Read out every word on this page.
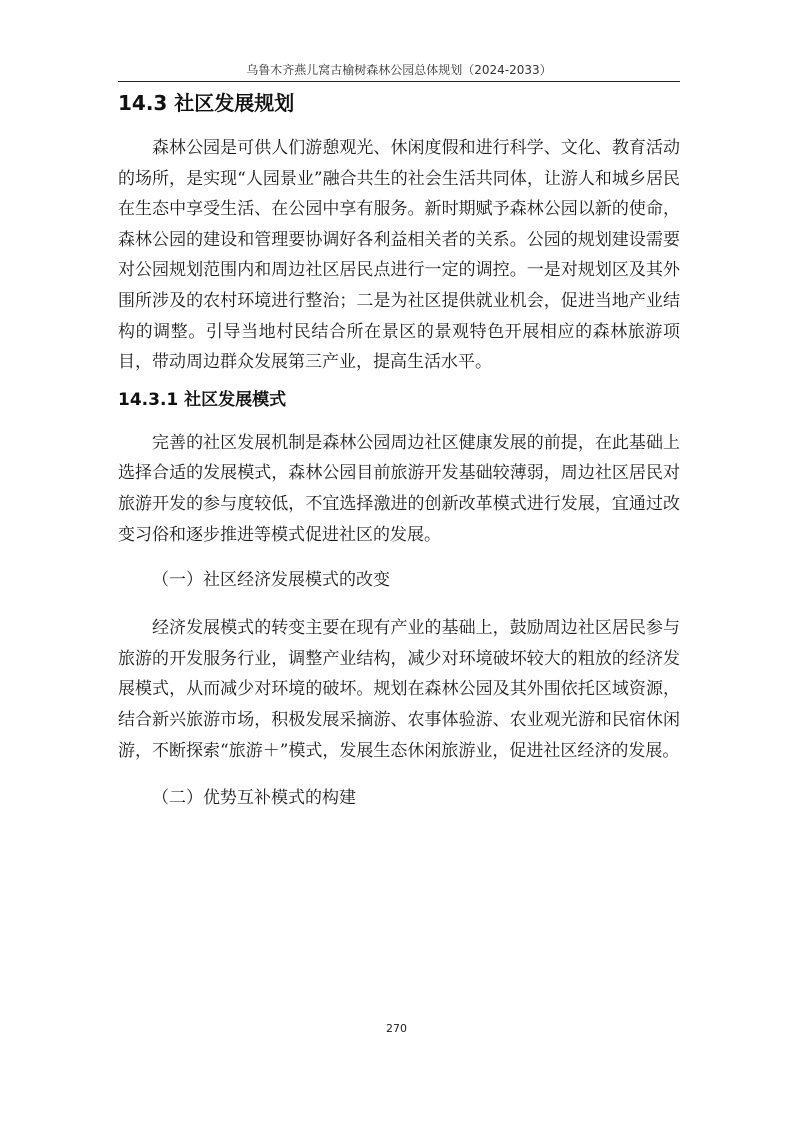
乌鲁木齐燕儿窝古榆树森林公园总体规划（2024-2033）
14.3 社区发展规划

森林公园是可供人们游憩观光、休闲度假和进行科学、文化、教育活动的场所，是实现“人园景业”融合共生的社会生活共同体，让游人和城乡居民在生态中享受生活、在公园中享有服务。新时期赋予森林公园以新的使命，森林公园的建设和管理要协调好各利益相关者的关系。公园的规划建设需要对公园规划范围内和周边社区居民点进行一定的调控。一是对规划区及其外围所涉及的农村环境进行整治；二是为社区提供就业机会，促进当地产业结构的调整。引导当地村民结合所在景区的景观特色开展相应的森林旅游项目，带动周边群众发展第三产业，提高生活水平。

14.3.1 社区发展模式

完善的社区发展机制是森林公园周边社区健康发展的前提，在此基础上选择合适的发展模式，森林公园目前旅游开发基础较薄弱，周边社区居民对旅游开发的参与度较低，不宜选择激进的创新改革模式进行发展，宜通过改变习俗和逐步推进等模式促进社区的发展。

（一）社区经济发展模式的改变

经济发展模式的转变主要在现有产业的基础上，鼓励周边社区居民参与旅游的开发服务行业，调整产业结构，减少对环境破坏较大的粗放的经济发展模式，从而减少对环境的破坏。规划在森林公园及其外围依托区域资源，结合新兴旅游市场，积极发展采摘游、农事体验游、农业观光游和民宿休闲游，不断探索“旅游＋”模式，发展生态休闲旅游业，促进社区经济的发展。

（二）优势互补模式的构建

270
